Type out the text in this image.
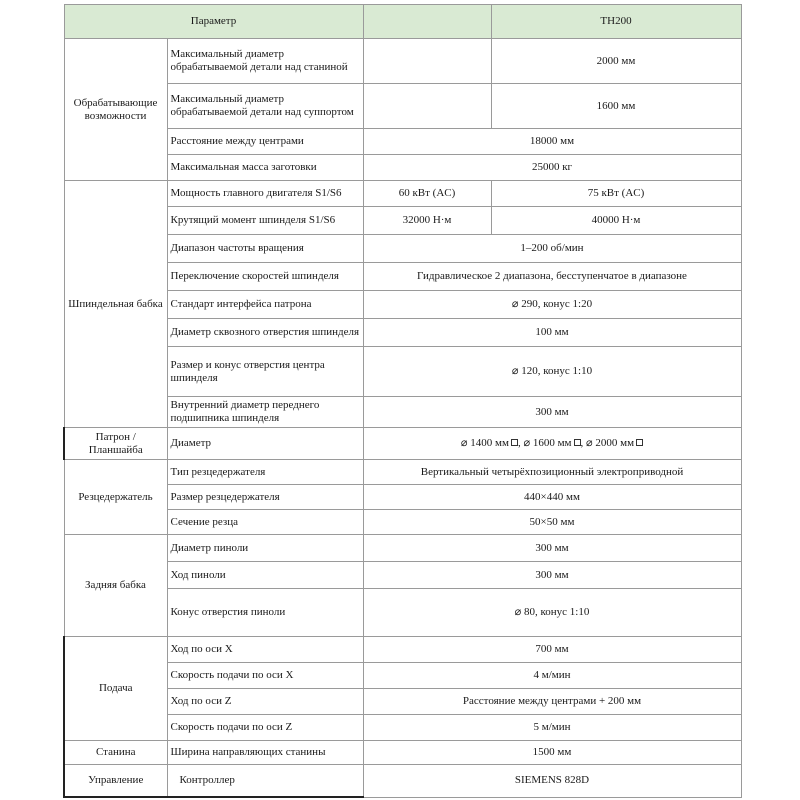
Параметр			TH200
Обрабатывающие возможности	Максимальный диаметр обрабатываемой детали над станиной		2000 мм
	Максимальный диаметр обрабатываемой детали над суппортом		1600 мм
	Расстояние между центрами	18000 мм	
	Максимальная масса заготовки	25000 кг	
Шпиндельная бабка	Мощность главного двигателя S1/S6	60 кВт (AC)	75 кВт (AC)
	Крутящий момент шпинделя S1/S6	32000 Н·м	40000 Н·м
	Диапазон частоты вращения	1–200 об/мин	
	Переключение скоростей шпинделя	Гидравлическое 2 диапазона, бесступенчатое в диапазоне	
	Стандарт интерфейса патрона	⌀ 290, конус 1:20	
	Диаметр сквозного отверстия шпинделя	100 мм	
	Размер и конус отверстия центра шпинделя	⌀ 120, конус 1:10	
	Внутренний диаметр переднего подшипника шпинделя	300 мм	
Патрон / Планшайба	Диаметр	⌀ 1400 мм , ⌀ 1600 мм , ⌀ 2000 мм	
Резцедержатель	Тип резцедержателя	Вертикальный четырёхпозиционный электроприводной	
	Размер резцедержателя	440×440 мм	
	Сечение резца	50×50 мм	
Задняя бабка	Диаметр пиноли	300 мм	
	Ход пиноли	300 мм	
	Конус отверстия пиноли	⌀ 80, конус 1:10	
Подача	Ход по оси X	700 мм	
	Скорость подачи по оси X	4 м/мин	
	Ход по оси Z	Расстояние между центрами + 200 мм	
	Скорость подачи по оси Z	5 м/мин	
Станина	Ширина направляющих станины	1500 мм	
Управление	Контроллер	SIEMENS 828D	
